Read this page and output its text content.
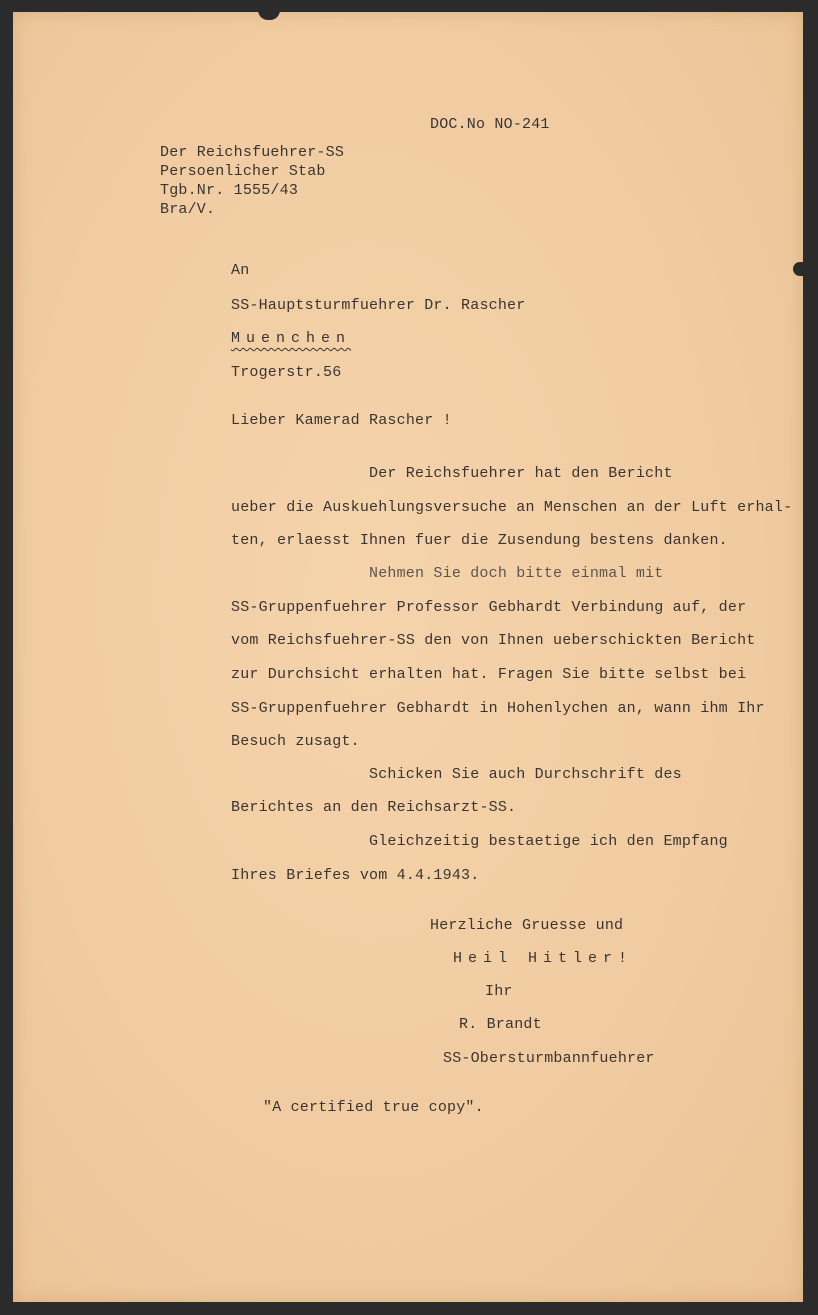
DOC.No NO-241
Der Reichsfuehrer-SS
Persoenlicher Stab
Tgb.Nr. 1555/43
Bra/V.
An
SS-Hauptsturmfuehrer Dr. Rascher
Muenchen
Trogerstr.56
Lieber Kamerad Rascher !
Der Reichsfuehrer hat den Bericht
ueber die Auskuehlungsversuche an Menschen an der Luft erhal-
ten, erlaesst Ihnen fuer die Zusendung bestens danken.
Nehmen Sie doch bitte einmal mit
SS-Gruppenfuehrer Professor Gebhardt Verbindung auf, der
vom Reichsfuehrer-SS den von Ihnen ueberschickten Bericht
zur Durchsicht erhalten hat. Fragen Sie bitte selbst bei
SS-Gruppenfuehrer Gebhardt in Hohenlychen an, wann ihm Ihr
Besuch zusagt.
Schicken Sie auch Durchschrift des
Berichtes an den Reichsarzt-SS.
Gleichzeitig bestaetige ich den Empfang
Ihres Briefes vom 4.4.1943.
Herzliche Gruesse und
Heil Hitler!
Ihr
R. Brandt
SS-Obersturmbannfuehrer
"A certified true copy".
